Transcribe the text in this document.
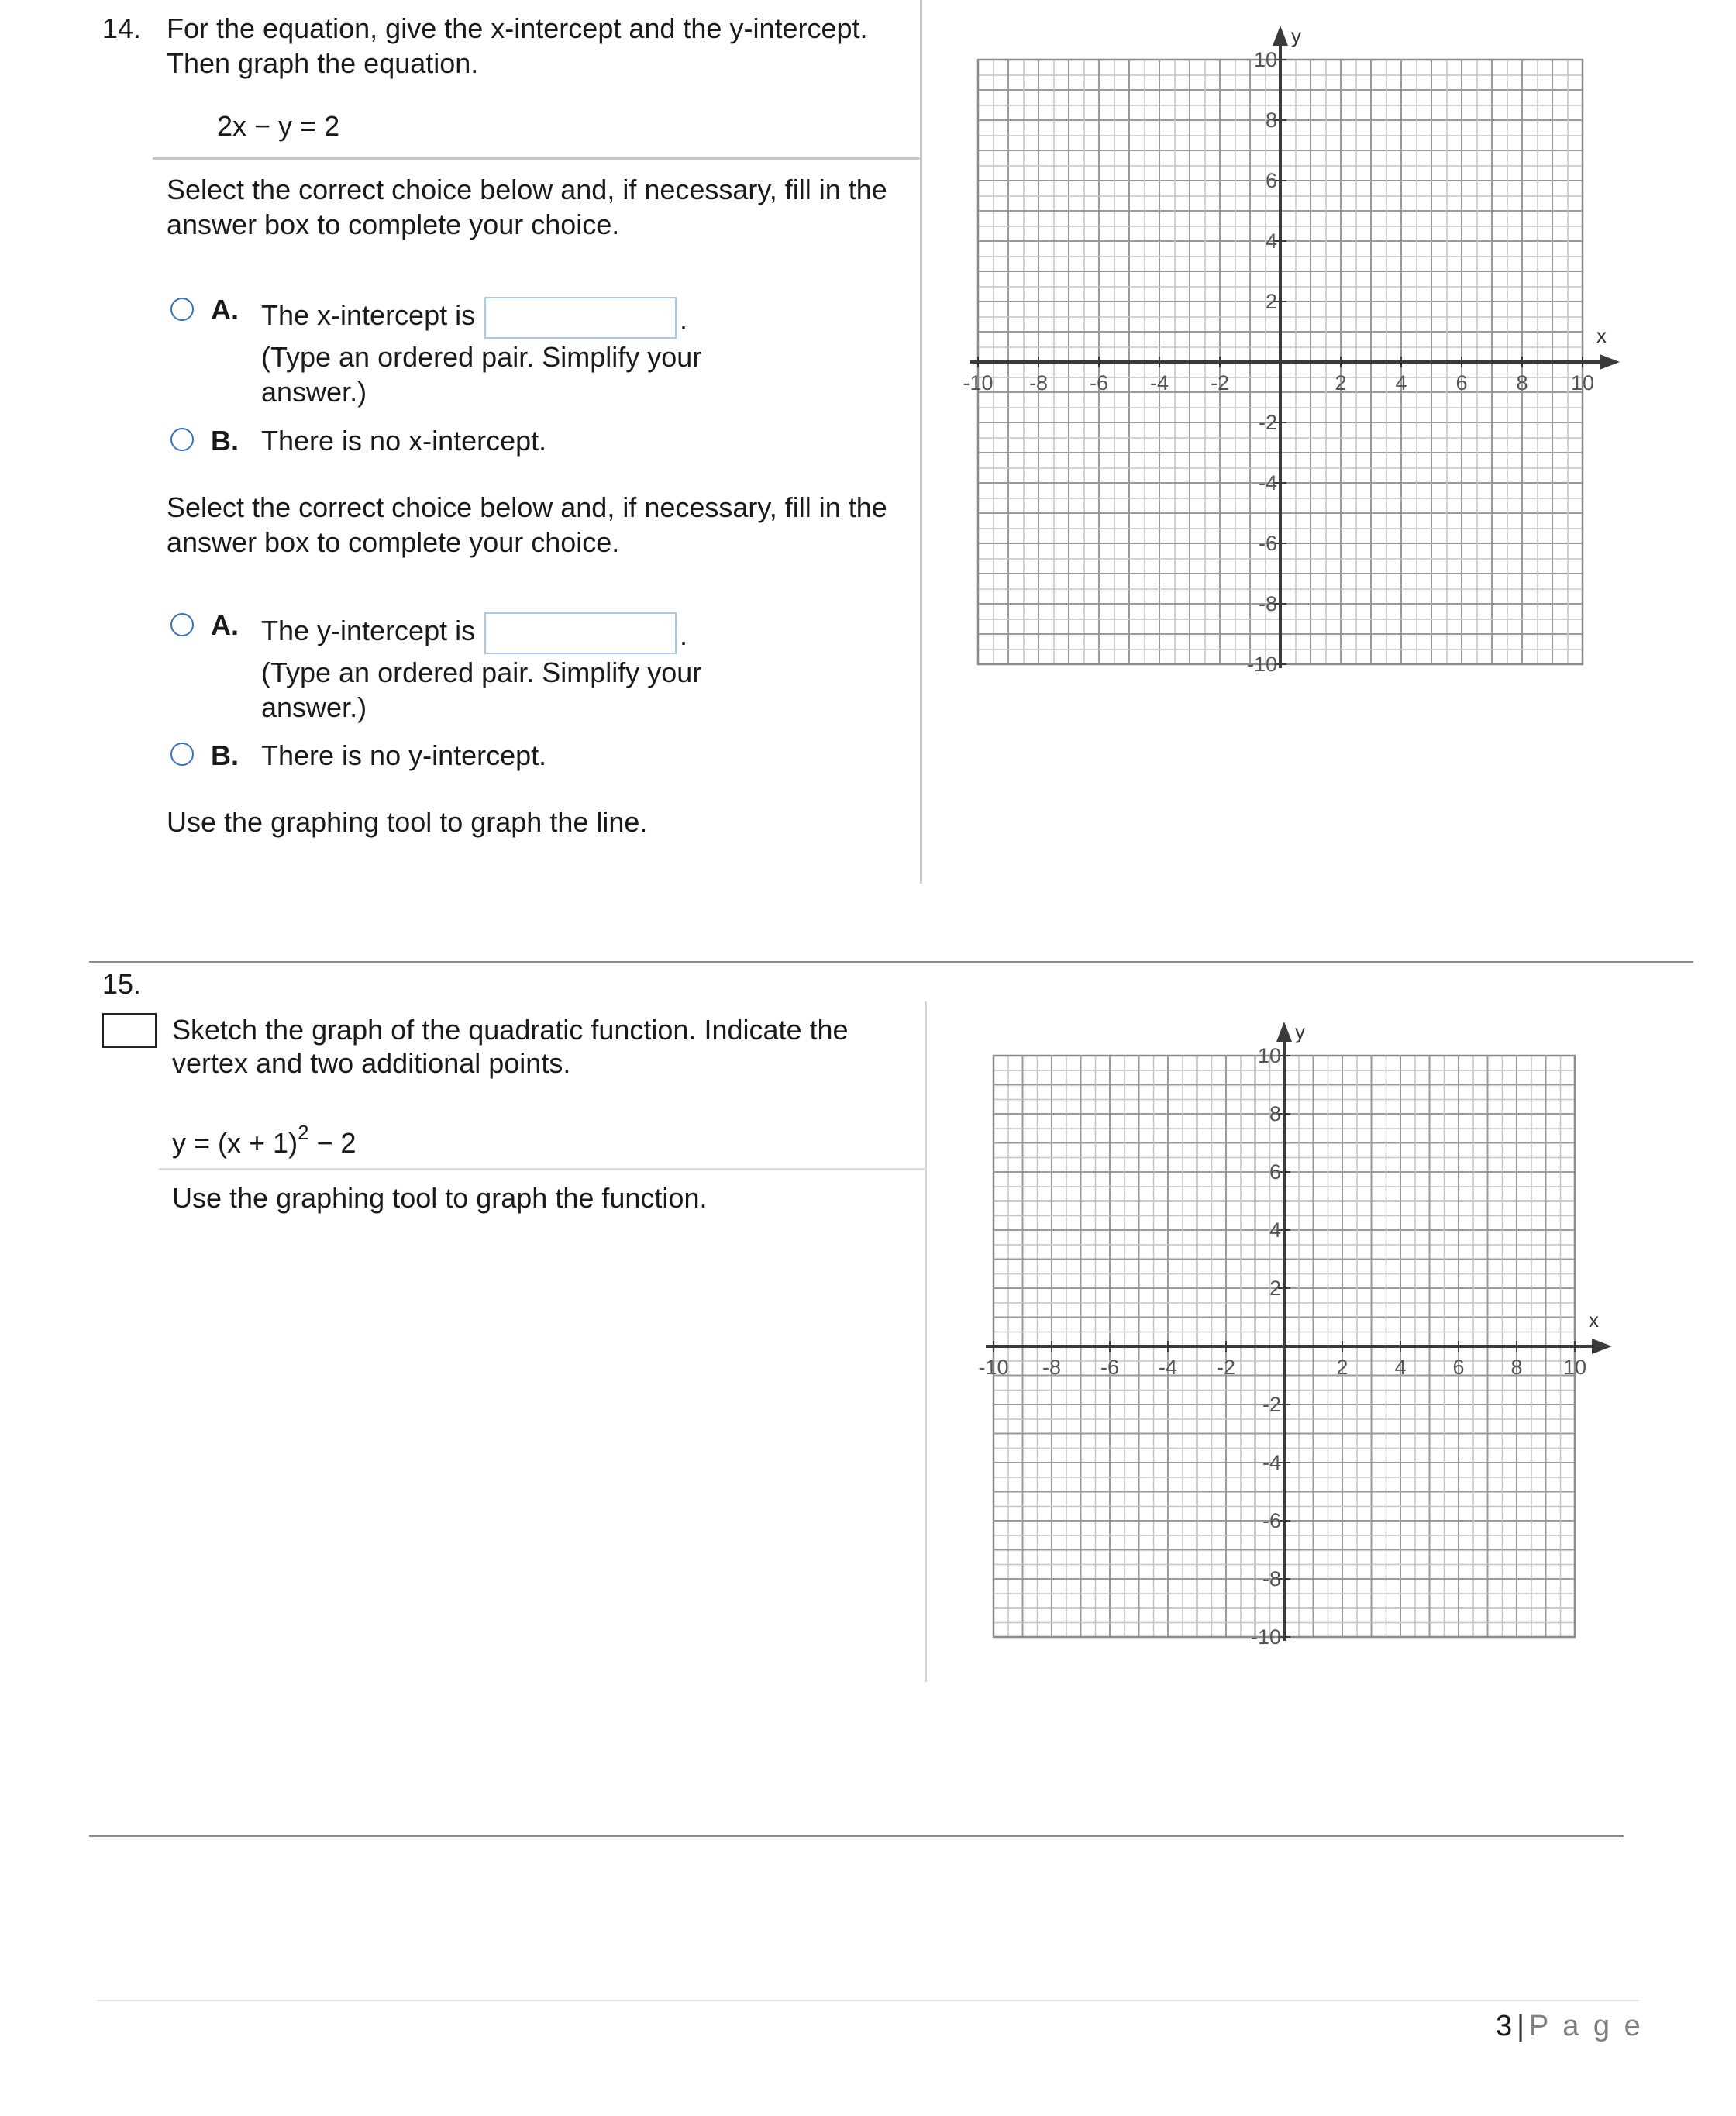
14. For the equation, give the x-intercept and the y-intercept.
Then graph the equation.
2x − y = 2
Select the correct choice below and, if necessary, fill in the
answer box to complete your choice.
A. The x-intercept is	.
(Type an ordered pair. Simplify your
answer.)
B. There is no x-intercept.
Select the correct choice below and, if necessary, fill in the
answer box to complete your choice.
A. The y-intercept is	.
(Type an ordered pair. Simplify your
answer.)
B. There is no y-intercept.
Use the graphing tool to graph the line.
x
y
-10 -8 -6 -4 -2	2 4 6 8 10
10
8
6
4
2
-2
-4
-6
-8
-10
15.
Sketch the graph of the quadratic function. Indicate the
vertex and two additional points.
$y = (x + 1)^2 - 2$
Use the graphing tool to graph the function.
x
y
-10 -8 -6 -4 -2	2 4 6 8 10
10
8
6
4
2
-2
-4
-6
-8
-10
3 | P a g e
